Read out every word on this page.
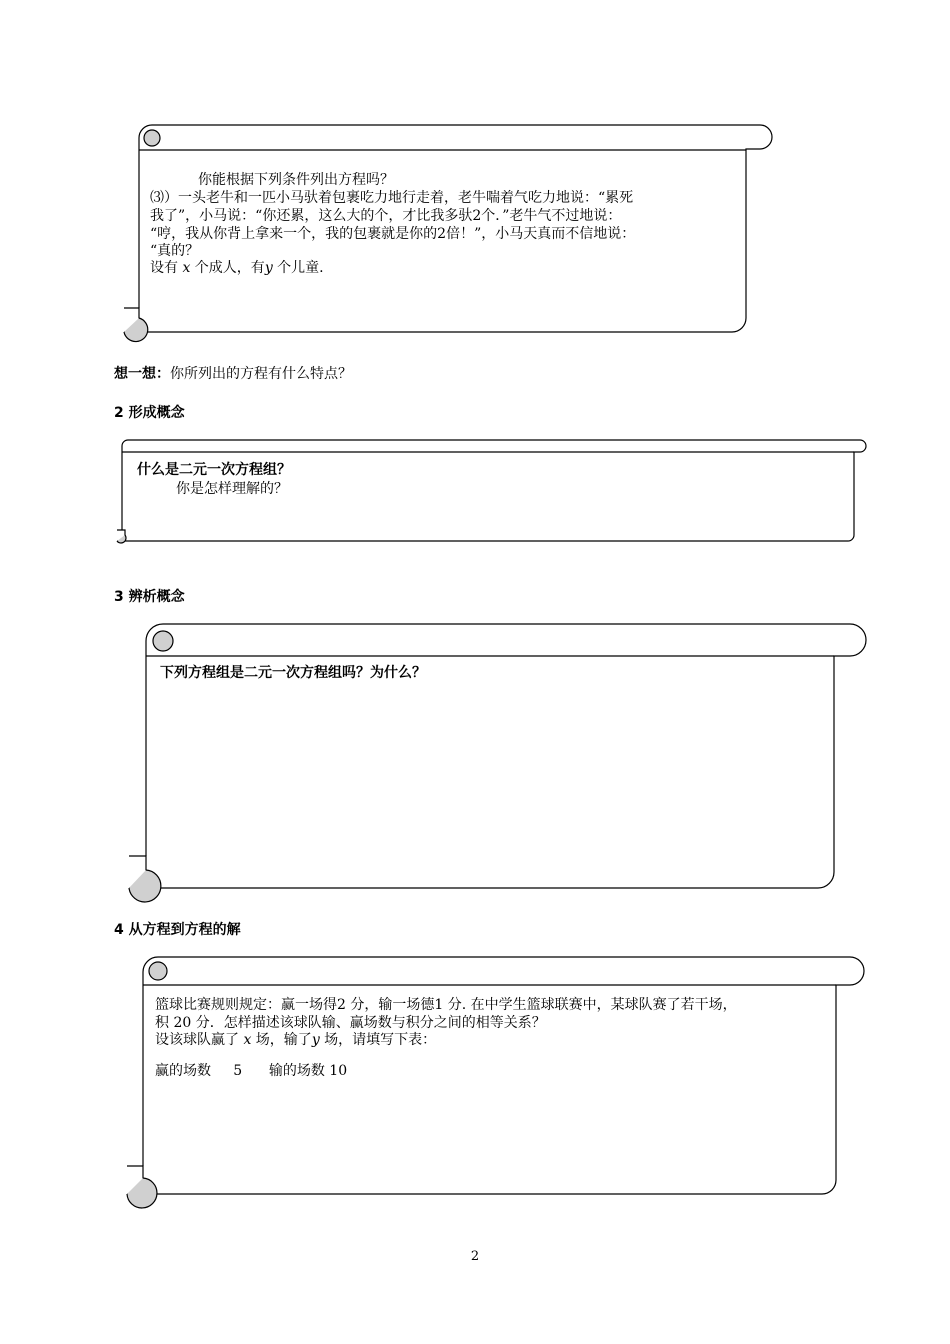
你能根据下列条件列出方程吗？
⑶）一头老牛和一匹小马驮着包裹吃力地行走着，老牛喘着气吃力地说：“累死
我了”，小马说：“你还累，这么大的个，才比我多驮2个．”老牛气不过地说：
“哼，我从你背上拿来一个，我的包裹就是你的2倍！”，小马天真而不信地说：
“真的？
设有 x 个成人，有y 个儿童.
想一想：你所列出的方程有什么特点？
2 形成概念
什么是二元一次方程组？
你是怎样理解的？
3 辨析概念
下列方程组是二元一次方程组吗？为什么？
4 从方程到方程的解
篮球比赛规则规定：赢一场得2 分，输一场德1 分. 在中学生篮球联赛中，某球队赛了若干场，
积 20 分．怎样描述该球队输、赢场数与积分之间的相等关系？
设该球队赢了 x 场，输了y 场，请填写下表：
赢的场数     5      输的场数 10
2
